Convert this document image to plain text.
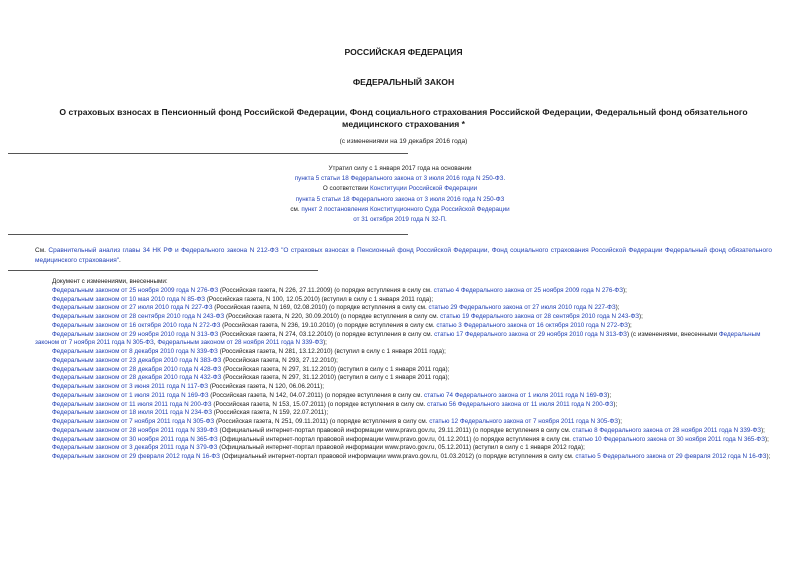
РОССИЙСКАЯ ФЕДЕРАЦИЯ
ФЕДЕРАЛЬНЫЙ ЗАКОН
О страховых взносах в Пенсионный фонд Российской Федерации, Фонд социального страхования Российской Федерации, Федеральный фонд обязательного медицинского страхования *
(с изменениями на 19 декабря 2016 года)
Утратил силу с 1 января 2017 года на основании
пункта 5 статьи 18 Федерального закона от 3 июля 2016 года N 250-ФЗ.
О соответствии Конституции Российской Федерации
пункта 5 статьи 18 Федерального закона от 3 июля 2016 года N 250-ФЗ
см. пункт 2 постановления Конституционного Суда Российской Федерации
от 31 октября 2019 года N 32-П.
См. Сравнительный анализ главы 34 НК РФ и Федерального закона N 212-ФЗ "О страховых взносах в Пенсионный фонд Российской Федерации, Фонд социального страхования Российской Федерации Федеральный фонд обязательного медицинского страхования".
Документ с изменениями, внесенными:
Федеральным законом от 25 ноября 2009 года N 276-ФЗ (Российская газета, N 226, 27.11.2009) (о порядке вступления в силу см. статью 4 Федерального закона от 25 ноября 2009 года N 276-ФЗ);
Федеральным законом от 10 мая 2010 года N 85-ФЗ (Российская газета, N 100, 12.05.2010) (вступил в силу с 1 января 2011 года);
Федеральным законом от 27 июля 2010 года N 227-ФЗ (Российская газета, N 169, 02.08.2010) (о порядке вступления в силу см. статью 29 Федерального закона от 27 июля 2010 года N 227-ФЗ);
Федеральным законом от 28 сентября 2010 года N 243-ФЗ (Российская газета, N 220, 30.09.2010) (о порядке вступления в силу см. статью 19 Федерального закона от 28 сентября 2010 года N 243-ФЗ);
Федеральным законом от 16 октября 2010 года N 272-ФЗ (Российская газета, N 236, 19.10.2010) (о порядке вступления в силу см. статью 3 Федерального закона от 16 октября 2010 года N 272-ФЗ);
Федеральным законом от 29 ноября 2010 года N 313-ФЗ (Российская газета, N 274, 03.12.2010) (о порядке вступления в силу см. статью 17 Федерального закона от 29 ноября 2010 года N 313-ФЗ) (с изменениями, внесенными Федеральным законом от 7 ноября 2011 года N 305-ФЗ, Федеральным законом от 28 ноября 2011 года N 339-ФЗ);
Федеральным законом от 8 декабря 2010 года N 339-ФЗ (Российская газета, N 281, 13.12.2010) (вступил в силу с 1 января 2011 года);
Федеральным законом от 23 декабря 2010 года N 383-ФЗ (Российская газета, N 293, 27.12.2010);
Федеральным законом от 28 декабря 2010 года N 428-ФЗ (Российская газета, N 297, 31.12.2010) (вступил в силу с 1 января 2011 года);
Федеральным законом от 28 декабря 2010 года N 432-ФЗ (Российская газета, N 297, 31.12.2010) (вступил в силу с 1 января 2011 года);
Федеральным законом от 3 июня 2011 года N 117-ФЗ (Российская газета, N 120, 06.06.2011);
Федеральным законом от 1 июля 2011 года N 169-ФЗ (Российская газета, N 142, 04.07.2011) (о порядке вступления в силу см. статью 74 Федерального закона от 1 июля 2011 года N 169-ФЗ);
Федеральным законом от 11 июля 2011 года N 200-ФЗ (Российская газета, N 153, 15.07.2011) (о порядке вступления в силу см. статью 56 Федерального закона от 11 июля 2011 года N 200-ФЗ);
Федеральным законом от 18 июля 2011 года N 234-ФЗ (Российская газета, N 159, 22.07.2011);
Федеральным законом от 7 ноября 2011 года N 305-ФЗ (Российская газета, N 251, 09.11.2011) (о порядке вступления в силу см. статью 12 Федерального закона от 7 ноября 2011 года N 305-ФЗ);
Федеральным законом от 28 ноября 2011 года N 339-ФЗ (Официальный интернет-портал правовой информации www.pravo.gov.ru, 29.11.2011) (о порядке вступления в силу см. статью 8 Федерального закона от 28 ноября 2011 года N 339-ФЗ);
Федеральным законом от 30 ноября 2011 года N 365-ФЗ (Официальный интернет-портал правовой информации www.pravo.gov.ru, 01.12.2011) (о порядке вступления в силу см. статью 10 Федерального закона от 30 ноября 2011 года N 365-ФЗ);
Федеральным законом от 3 декабря 2011 года N 379-ФЗ (Официальный интернет-портал правовой информации www.pravo.gov.ru, 05.12.2011) (вступил в силу с 1 января 2012 года);
Федеральным законом от 29 февраля 2012 года N 16-ФЗ (Официальный интернет-портал правовой информации www.pravo.gov.ru, 01.03.2012) (о порядке вступления в силу см. статью 5 Федерального закона от 29 февраля 2012 года N 16-ФЗ);
